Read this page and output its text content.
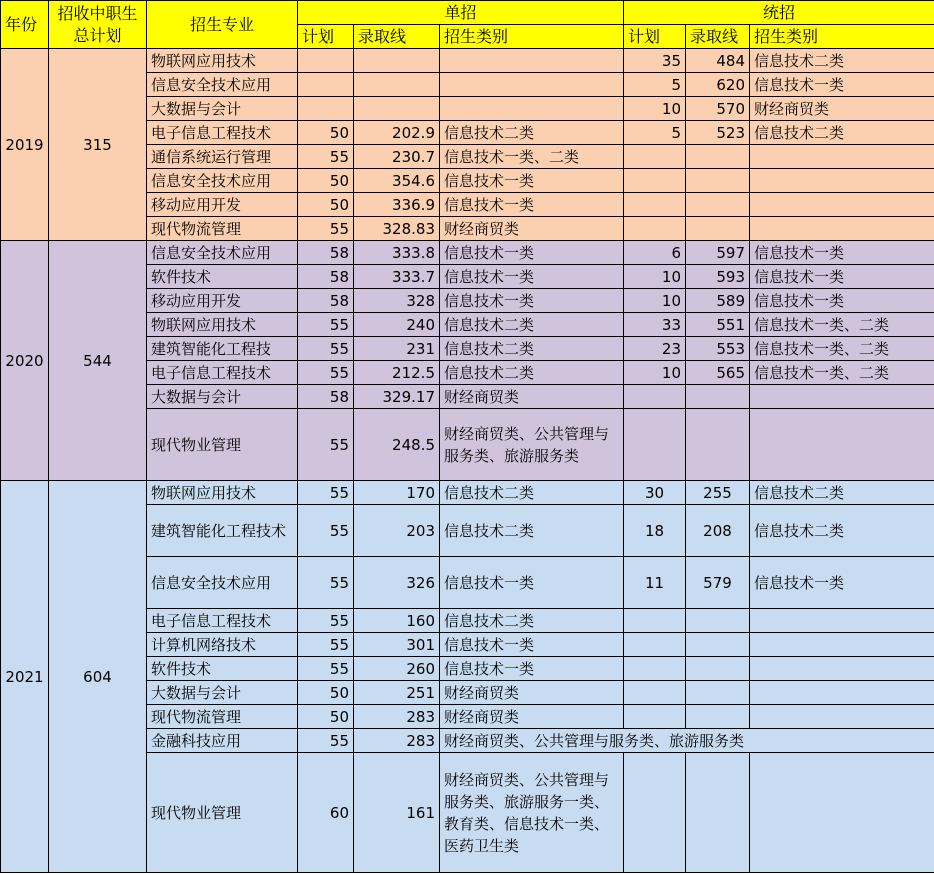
年份	招收中职生总计划	招生专业	单招			统招			
			计划	录取线	招生类别	计划	录取线	招生类别	
2019	315	物联网应用技术				35	484	信息技术二类	
		信息安全技术应用				5	620	信息技术一类	
		大数据与会计				10	570	财经商贸类	
		电子信息工程技术	50	202.9	信息技术二类	5	523	信息技术二类	
		通信系统运行管理	55	230.7	信息技术一类、二类				
		信息安全技术应用	50	354.6	信息技术一类				
		移动应用开发	50	336.9	信息技术一类				
		现代物流管理	55	328.83	财经商贸类				
2020	544	信息安全技术应用	58	333.8	信息技术一类	6	597	信息技术一类	
		软件技术	58	333.7	信息技术一类	10	593	信息技术一类	
		移动应用开发	58	328	信息技术一类	10	589	信息技术一类	
		物联网应用技术	55	240	信息技术二类	33	551	信息技术一类、二类	
		建筑智能化工程技	55	231	信息技术二类	23	553	信息技术一类、二类	
		电子信息工程技术	55	212.5	信息技术二类	10	565	信息技术一类、二类	
		大数据与会计	58	329.17	财经商贸类				
		现代物业管理	55	248.5	财经商贸类、公共管理与服务类、旅游服务类				
2021	604	物联网应用技术	55	170	信息技术二类	30	255	信息技术二类	
		建筑智能化工程技术	55	203	信息技术二类	18	208	信息技术二类	
		信息安全技术应用	55	326	信息技术一类	11	579	信息技术一类	
		电子信息工程技术	55	160	信息技术二类				
		计算机网络技术	55	301	信息技术一类				
		软件技术	55	260	信息技术一类				
		大数据与会计	50	251	财经商贸类				
		现代物流管理	50	283	财经商贸类				
		金融科技应用	55	283	财经商贸类、公共管理与服务类、旅游服务类				
		现代物业管理	60	161	财经商贸类、公共管理与服务类、旅游服务一类、教育类、信息技术一类、医药卫生类				
